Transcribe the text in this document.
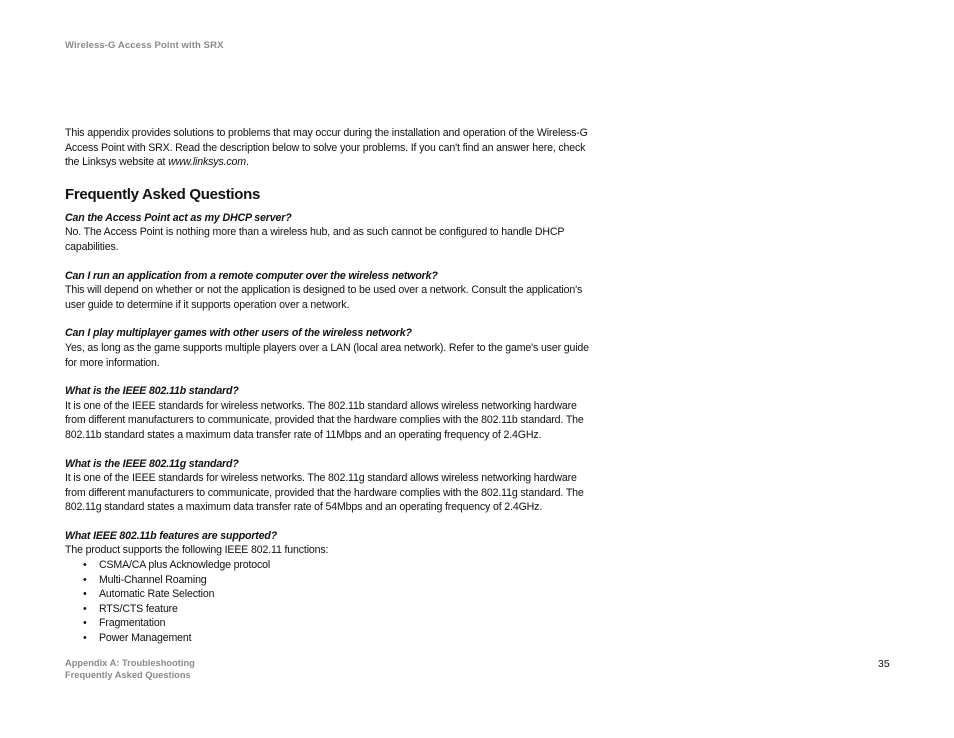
Wireless-G Access Point with SRX

This appendix provides solutions to problems that may occur during the installation and operation of the Wireless-G Access Point with SRX. Read the description below to solve your problems. If you can't find an answer here, check the Linksys website at www.linksys.com.

Frequently Asked Questions

Can the Access Point act as my DHCP server?

No. The Access Point is nothing more than a wireless hub, and as such cannot be configured to handle DHCP capabilities.

Can I run an application from a remote computer over the wireless network?

This will depend on whether or not the application is designed to be used over a network. Consult the application's user guide to determine if it supports operation over a network.

Can I play multiplayer games with other users of the wireless network?

Yes, as long as the game supports multiple players over a LAN (local area network). Refer to the game's user guide for more information.

What is the IEEE 802.11b standard?

It is one of the IEEE standards for wireless networks. The 802.11b standard allows wireless networking hardware from different manufacturers to communicate, provided that the hardware complies with the 802.11b standard. The 802.11b standard states a maximum data transfer rate of 11Mbps and an operating frequency of 2.4GHz.

What is the IEEE 802.11g standard?

It is one of the IEEE standards for wireless networks. The 802.11g standard allows wireless networking hardware from different manufacturers to communicate, provided that the hardware complies with the 802.11g standard. The 802.11g standard states a maximum data transfer rate of 54Mbps and an operating frequency of 2.4GHz.

What IEEE 802.11b features are supported?

The product supports the following IEEE 802.11 functions:

• CSMA/CA plus Acknowledge protocol
• Multi-Channel Roaming
• Automatic Rate Selection
• RTS/CTS feature
• Fragmentation
• Power Management
Appendix A: Troubleshooting
Frequently Asked Questions
35
